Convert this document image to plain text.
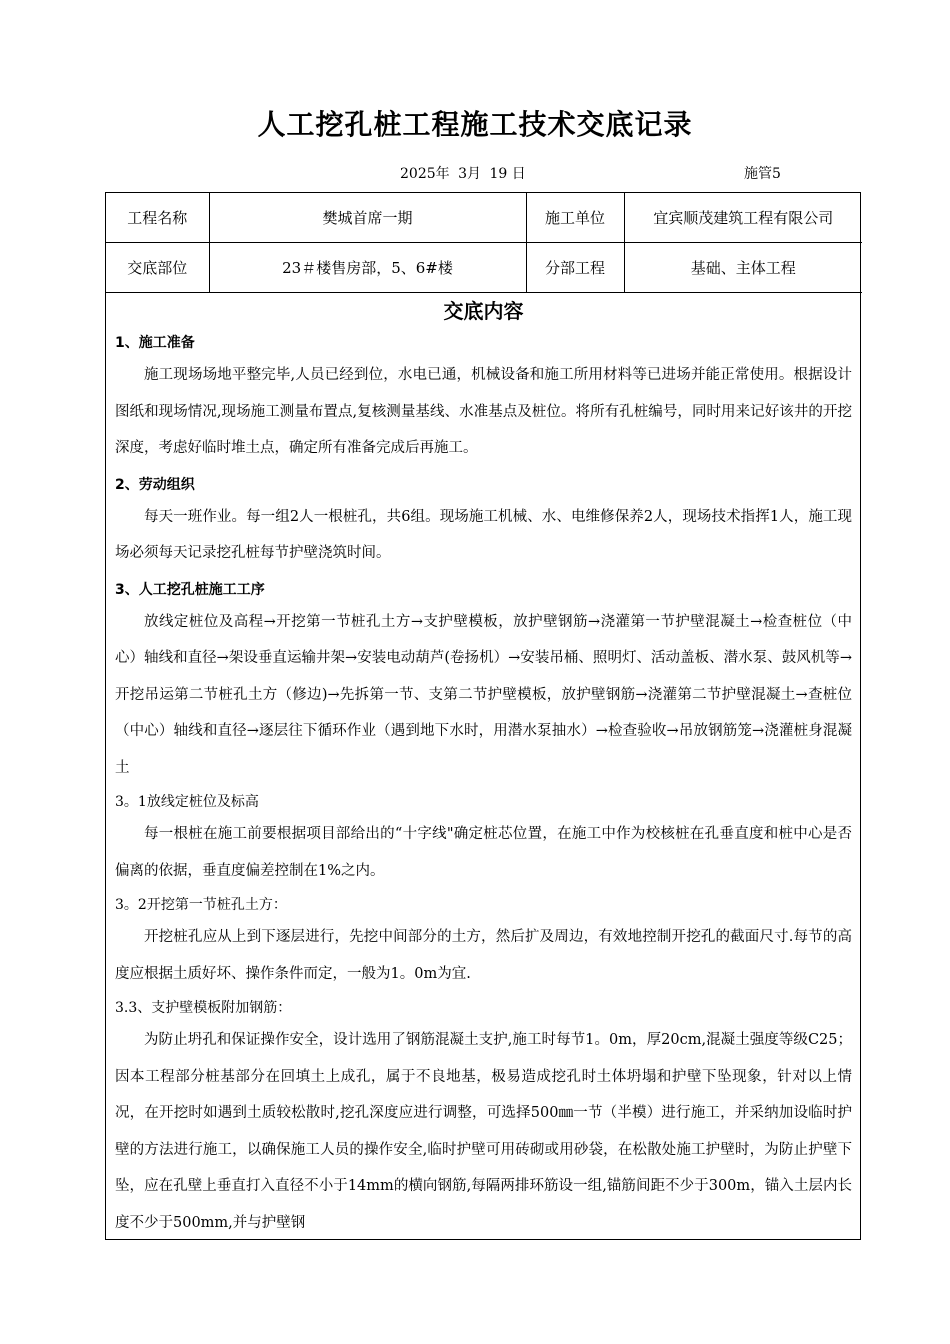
人工挖孔桩工程施工技术交底记录
2025年 3月 19 日	施管5
工程名称	樊城首席一期	施工单位	宜宾顺茂建筑工程有限公司
交底部位	23＃楼售房部，5、6#楼	分部工程	基础、主体工程
交底内容
1、施工准备

施工现场场地平整完毕,人员已经到位，水电已通，机械设备和施工所用材料等已进场并能正常使用。根据设计图纸和现场情况,现场施工测量布置点,复核测量基线、水准基点及桩位。将所有孔桩编号，同时用来记好该井的开挖深度，考虑好临时堆土点，确定所有准备完成后再施工。

2、劳动组织

每天一班作业。每一组2人一根桩孔，共6组。现场施工机械、水、电维修保养2人，现场技术指挥1人，施工现场必须每天记录挖孔桩每节护壁浇筑时间。

3、人工挖孔桩施工工序

放线定桩位及高程→开挖第一节桩孔土方→支护壁模板，放护壁钢筋→浇灌第一节护壁混凝土→检查桩位（中心）轴线和直径→架设垂直运输井架→安装电动葫芦(卷扬机）→安装吊桶、照明灯、活动盖板、潜水泵、鼓风机等→开挖吊运第二节桩孔土方（修边)→先拆第一节、支第二节护壁模板，放护壁钢筋→浇灌第二节护壁混凝土→查桩位（中心）轴线和直径→逐层往下循环作业（遇到地下水时，用潜水泵抽水）→检查验收→吊放钢筋笼→浇灌桩身混凝土

3。1放线定桩位及标高

每一根桩在施工前要根据项目部给出的“十字线"确定桩芯位置，在施工中作为校核桩在孔垂直度和桩中心是否偏离的依据，垂直度偏差控制在1%之内。

3。2开挖第一节桩孔土方：

开挖桩孔应从上到下逐层进行，先挖中间部分的土方，然后扩及周边，有效地控制开挖孔的截面尺寸.每节的高度应根据土质好坏、操作条件而定，一般为1。0m为宜.

3.3、支护壁模板附加钢筋：

为防止坍孔和保证操作安全，设计选用了钢筋混凝土支护,施工时每节1。0m，厚20cm,混凝土强度等级C25；因本工程部分桩基部分在回填土上成孔，属于不良地基，极易造成挖孔时土体坍塌和护壁下坠现象，针对以上情况，在开挖时如遇到土质较松散时,挖孔深度应进行调整，可选择500㎜一节（半模）进行施工，并采纳加设临时护壁的方法进行施工，以确保施工人员的操作安全,临时护壁可用砖砌或用砂袋，在松散处施工护壁时，为防止护壁下坠，应在孔壁上垂直打入直径不小于14mm的横向钢筋,每隔两排环筋设一组,锚筋间距不少于300m，锚入土层内长度不少于500mm,并与护壁钢
